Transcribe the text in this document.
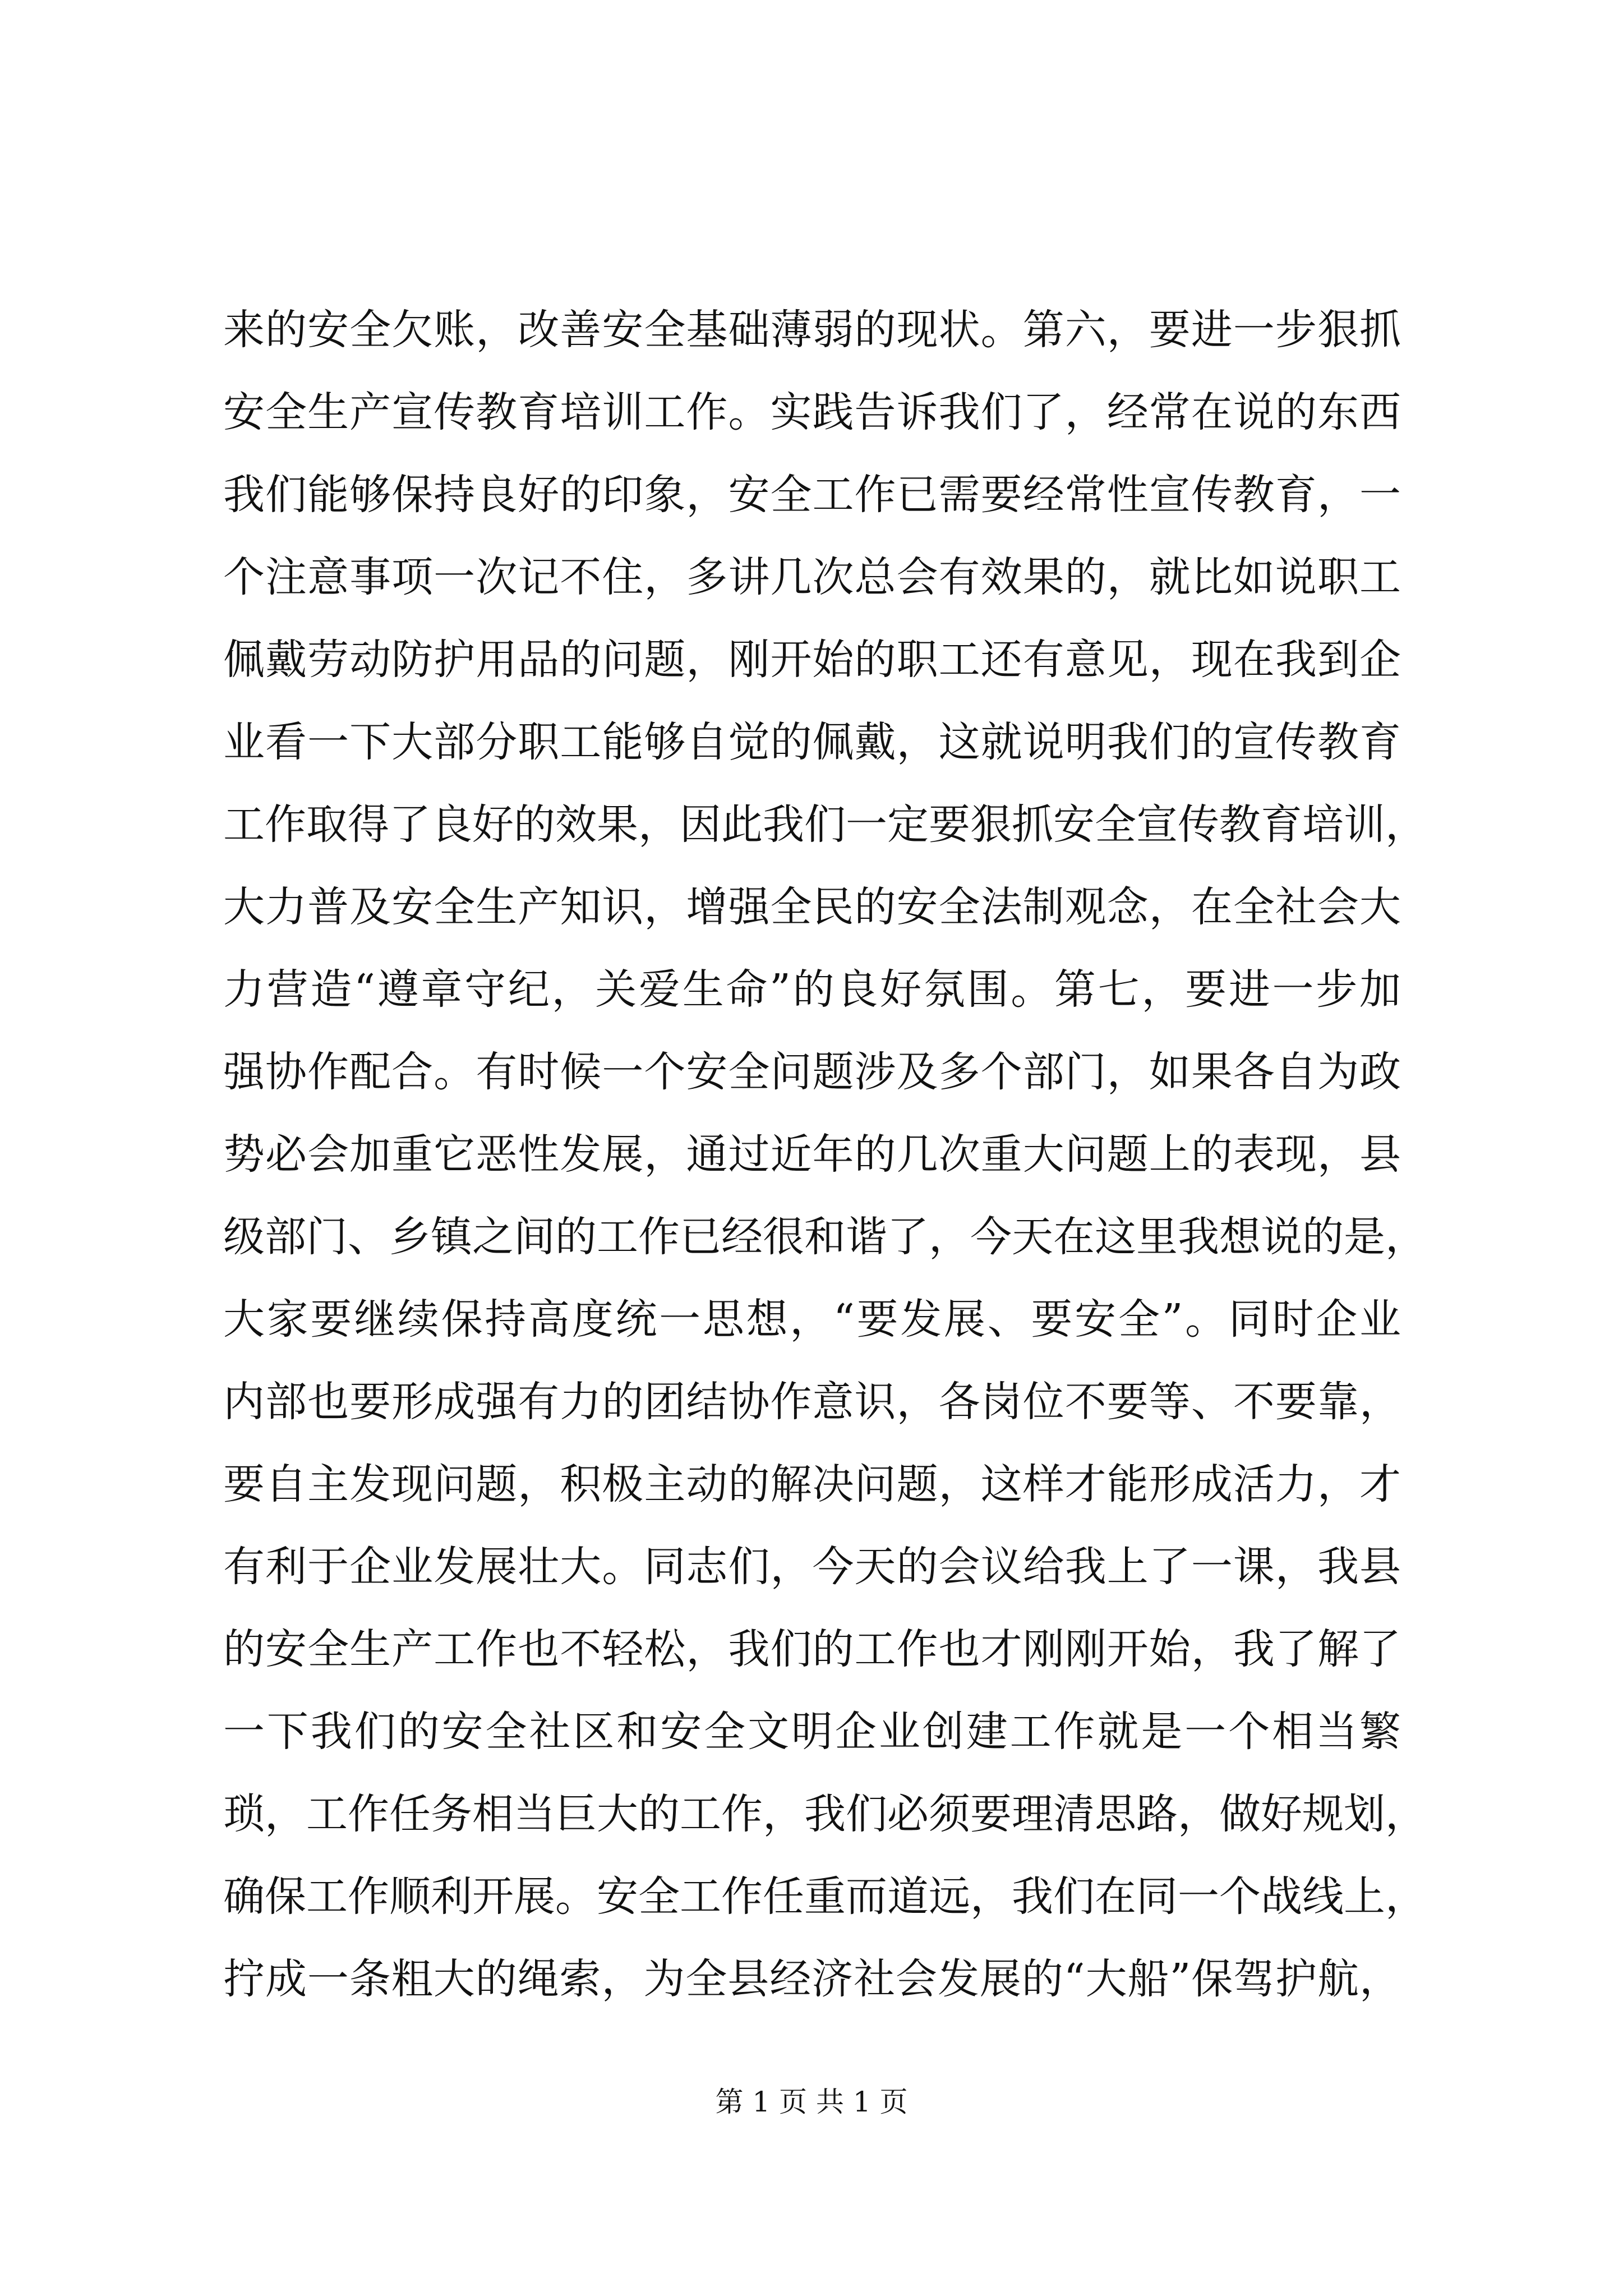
来的安全欠账，改善安全基础薄弱的现状。第六，要进一步狠抓
安全生产宣传教育培训工作。实践告诉我们了，经常在说的东西
我们能够保持良好的印象，安全工作已需要经常性宣传教育，一
个注意事项一次记不住，多讲几次总会有效果的，就比如说职工
佩戴劳动防护用品的问题，刚开始的职工还有意见，现在我到企
业看一下大部分职工能够自觉的佩戴，这就说明我们的宣传教育
工作取得了良好的效果，因此我们一定要狠抓安全宣传教育培训，
大力普及安全生产知识，增强全民的安全法制观念，在全社会大
力营造“遵章守纪，关爱生命”的良好氛围。第七，要进一步加
强协作配合。有时候一个安全问题涉及多个部门，如果各自为政
势必会加重它恶性发展，通过近年的几次重大问题上的表现，县
级部门、乡镇之间的工作已经很和谐了，今天在这里我想说的是，
大家要继续保持高度统一思想，“要发展、要安全”。同时企业
内部也要形成强有力的团结协作意识，各岗位不要等、不要靠，
要自主发现问题，积极主动的解决问题，这样才能形成活力，才
有利于企业发展壮大。同志们，今天的会议给我上了一课，我县
的安全生产工作也不轻松，我们的工作也才刚刚开始，我了解了
一下我们的安全社区和安全文明企业创建工作就是一个相当繁
琐，工作任务相当巨大的工作，我们必须要理清思路，做好规划，
确保工作顺利开展。安全工作任重而道远，我们在同一个战线上，
拧成一条粗大的绳索，为全县经济社会发展的“大船”保驾护航，
第 1 页 共 1 页
